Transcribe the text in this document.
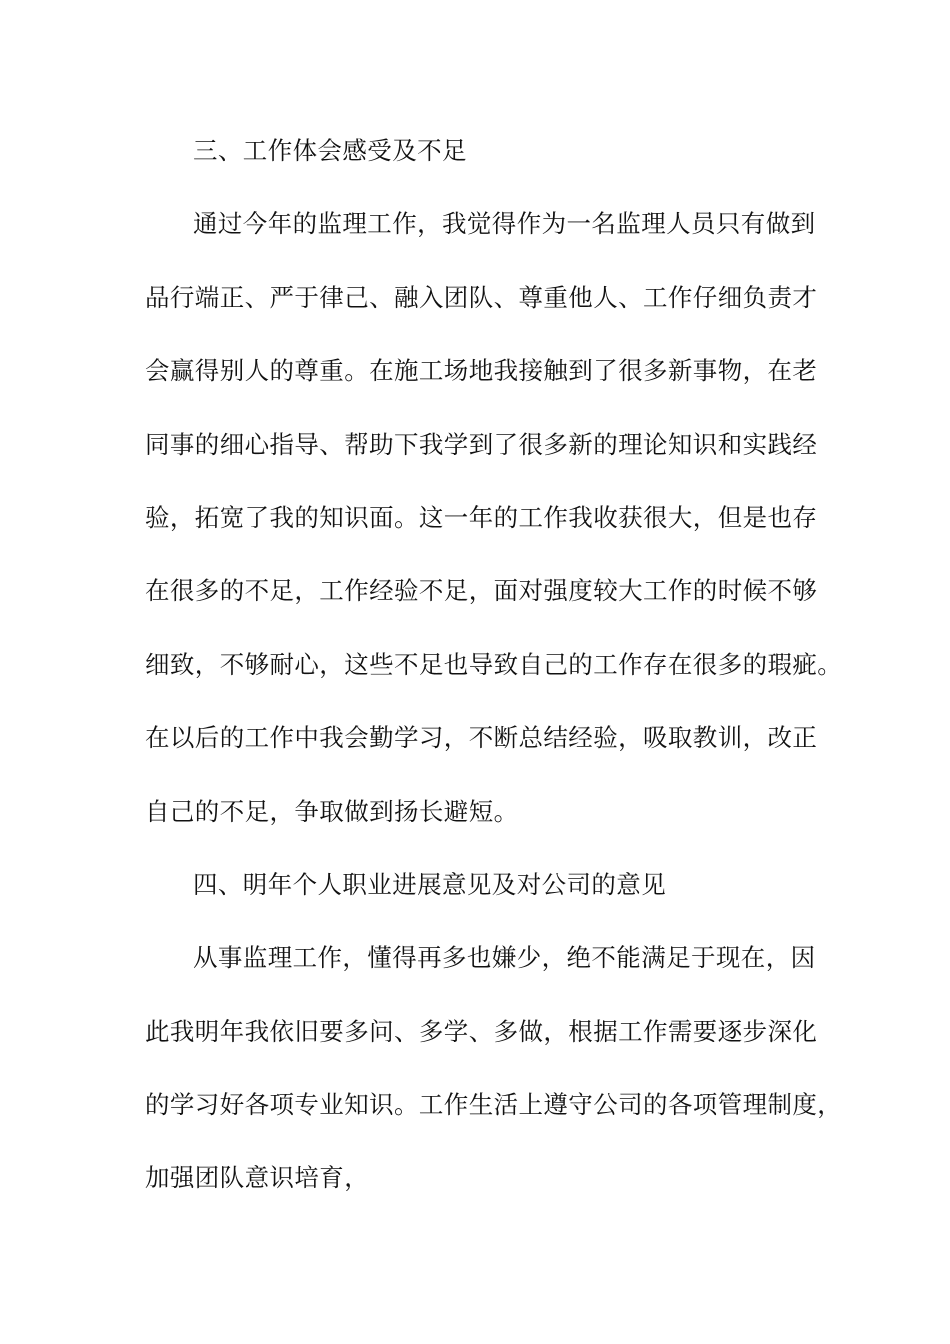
三、工作体会感受及不足
通过今年的监理工作，我觉得作为一名监理人员只有做到
品行端正、严于律己、融入团队、尊重他人、工作仔细负责才
会赢得别人的尊重。在施工场地我接触到了很多新事物，在老
同事的细心指导、帮助下我学到了很多新的理论知识和实践经
验，拓宽了我的知识面。这一年的工作我收获很大，但是也存
在很多的不足，工作经验不足，面对强度较大工作的时候不够
细致，不够耐心，这些不足也导致自己的工作存在很多的瑕疵。
在以后的工作中我会勤学习，不断总结经验，吸取教训，改正
自己的不足，争取做到扬长避短。
四、明年个人职业进展意见及对公司的意见
从事监理工作，懂得再多也嫌少，绝不能满足于现在，因
此我明年我依旧要多问、多学、多做，根据工作需要逐步深化
的学习好各项专业知识。工作生活上遵守公司的各项管理制度，
加强团队意识培育，
